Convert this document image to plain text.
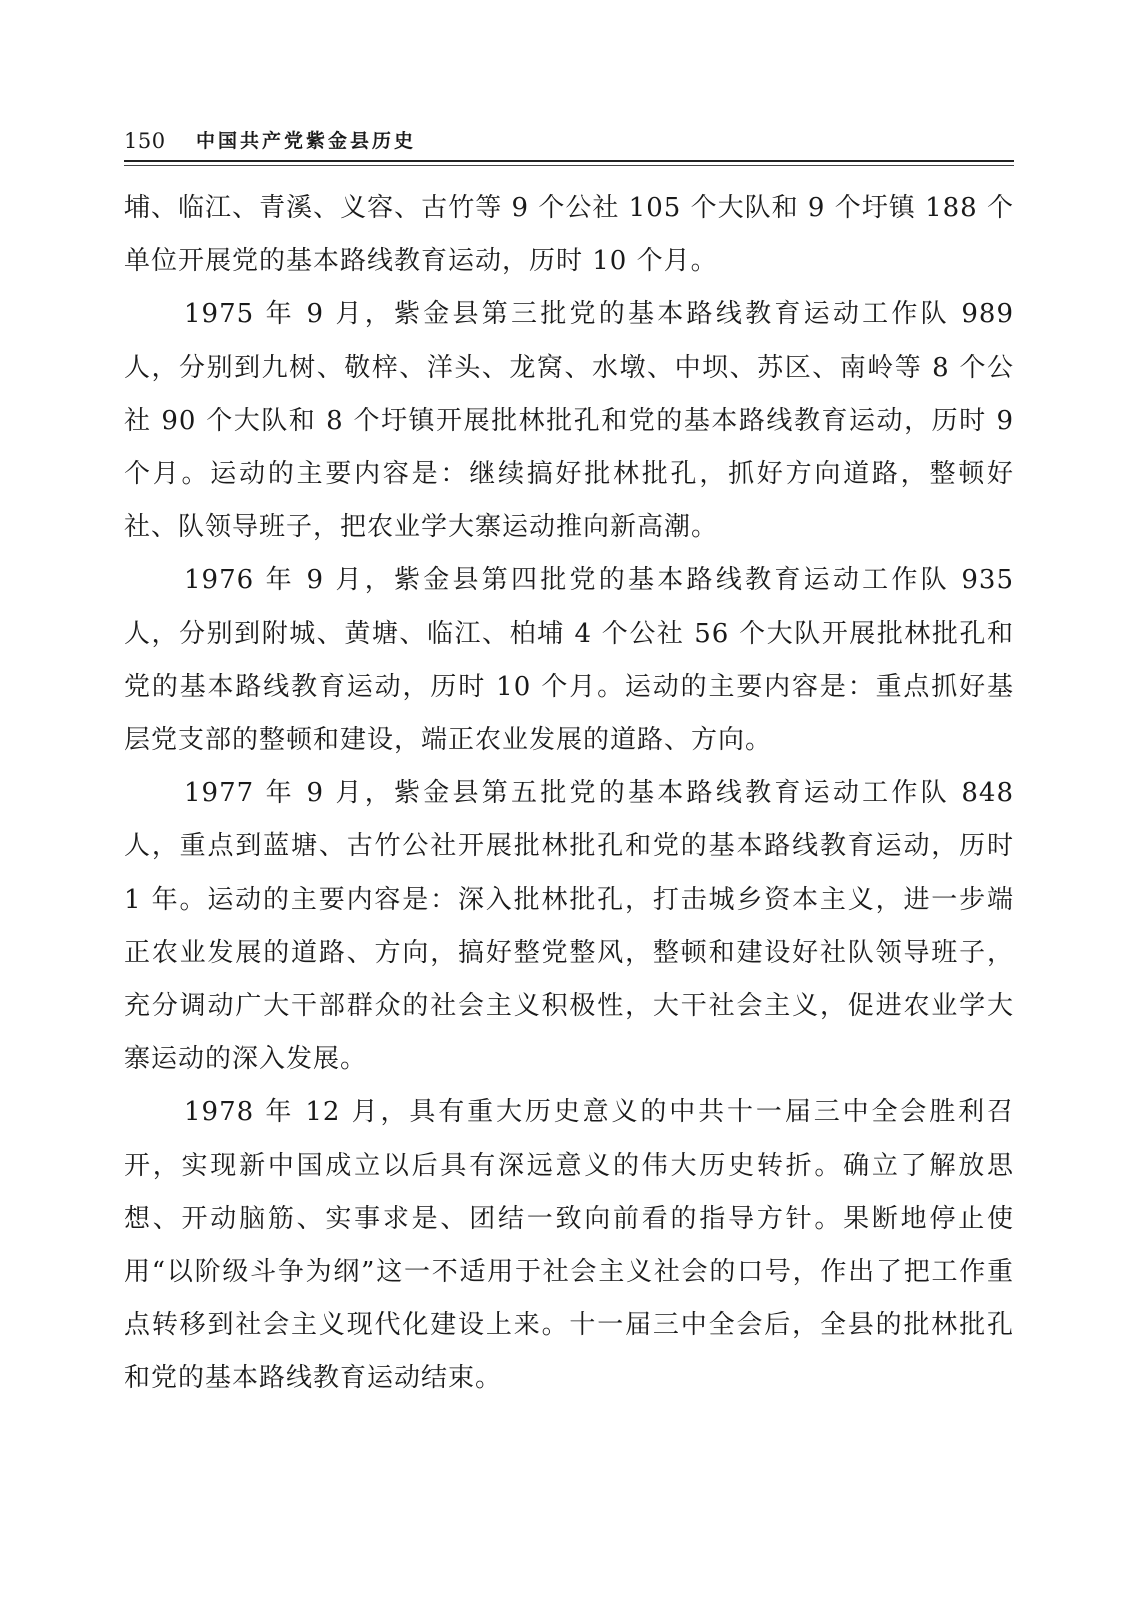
150 中国共产党紫金县历史

埔、临江、青溪、义容、古竹等 9 个公社 105 个大队和 9 个圩镇 188 个单位开展党的基本路线教育运动，历时 10 个月。

1975 年 9 月，紫金县第三批党的基本路线教育运动工作队 989 人，分别到九树、敬梓、洋头、龙窝、水墩、中坝、苏区、南岭等 8 个公社 90 个大队和 8 个圩镇开展批林批孔和党的基本路线教育运动，历时 9 个月。运动的主要内容是：继续搞好批林批孔，抓好方向道路，整顿好社、队领导班子，把农业学大寨运动推向新高潮。

1976 年 9 月，紫金县第四批党的基本路线教育运动工作队 935 人，分别到附城、黄塘、临江、柏埔 4 个公社 56 个大队开展批林批孔和党的基本路线教育运动，历时 10 个月。运动的主要内容是：重点抓好基层党支部的整顿和建设，端正农业发展的道路、方向。

1977 年 9 月，紫金县第五批党的基本路线教育运动工作队 848 人，重点到蓝塘、古竹公社开展批林批孔和党的基本路线教育运动，历时 1 年。运动的主要内容是：深入批林批孔，打击城乡资本主义，进一步端正农业发展的道路、方向，搞好整党整风，整顿和建设好社队领导班子，充分调动广大干部群众的社会主义积极性，大干社会主义，促进农业学大寨运动的深入发展。

1978 年 12 月，具有重大历史意义的中共十一届三中全会胜利召开，实现新中国成立以后具有深远意义的伟大历史转折。确立了解放思想、开动脑筋、实事求是、团结一致向前看的指导方针。果断地停止使用“以阶级斗争为纲”这一不适用于社会主义社会的口号，作出了把工作重点转移到社会主义现代化建设上来。十一届三中全会后，全县的批林批孔和党的基本路线教育运动结束。
